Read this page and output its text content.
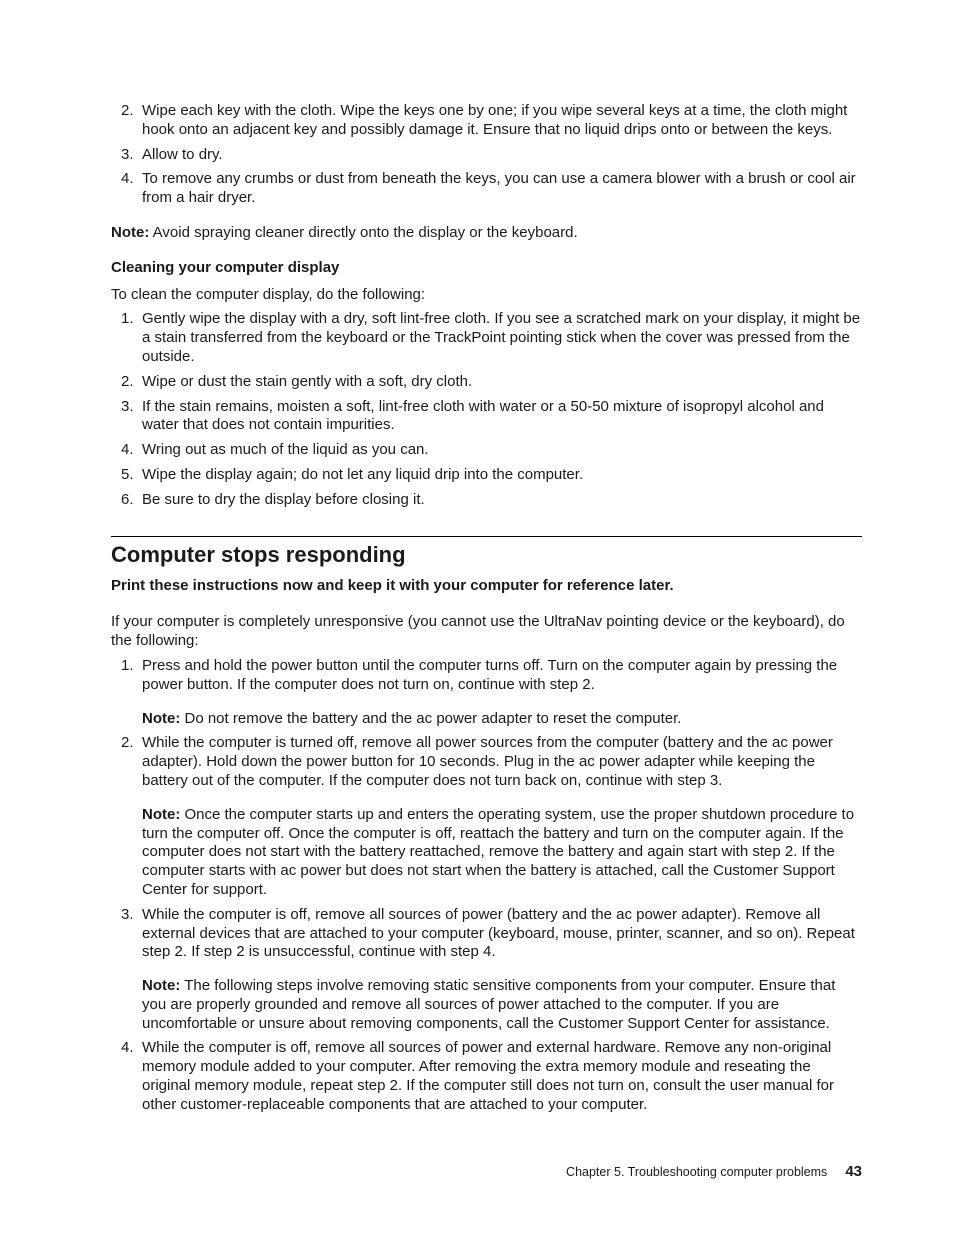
2. Wipe each key with the cloth. Wipe the keys one by one; if you wipe several keys at a time, the cloth might hook onto an adjacent key and possibly damage it. Ensure that no liquid drips onto or between the keys.
3. Allow to dry.
4. To remove any crumbs or dust from beneath the keys, you can use a camera blower with a brush or cool air from a hair dryer.

Note: Avoid spraying cleaner directly onto the display or the keyboard.

Cleaning your computer display

To clean the computer display, do the following:

1. Gently wipe the display with a dry, soft lint-free cloth. If you see a scratched mark on your display, it might be a stain transferred from the keyboard or the TrackPoint pointing stick when the cover was pressed from the outside.
2. Wipe or dust the stain gently with a soft, dry cloth.
3. If the stain remains, moisten a soft, lint-free cloth with water or a 50-50 mixture of isopropyl alcohol and water that does not contain impurities.
4. Wring out as much of the liquid as you can.
5. Wipe the display again; do not let any liquid drip into the computer.
6. Be sure to dry the display before closing it.
Computer stops responding

Print these instructions now and keep it with your computer for reference later.

If your computer is completely unresponsive (you cannot use the UltraNav pointing device or the keyboard), do the following:

1. Press and hold the power button until the computer turns off. Turn on the computer again by pressing the power button. If the computer does not turn on, continue with step 2.

Note: Do not remove the battery and the ac power adapter to reset the computer.

2. While the computer is turned off, remove all power sources from the computer (battery and the ac power adapter). Hold down the power button for 10 seconds. Plug in the ac power adapter while keeping the battery out of the computer. If the computer does not turn back on, continue with step 3.

Note: Once the computer starts up and enters the operating system, use the proper shutdown procedure to turn the computer off. Once the computer is off, reattach the battery and turn on the computer again. If the computer does not start with the battery reattached, remove the battery and again start with step 2. If the computer starts with ac power but does not start when the battery is attached, call the Customer Support Center for support.

3. While the computer is off, remove all sources of power (battery and the ac power adapter). Remove all external devices that are attached to your computer (keyboard, mouse, printer, scanner, and so on). Repeat step 2. If step 2 is unsuccessful, continue with step 4.

Note: The following steps involve removing static sensitive components from your computer. Ensure that you are properly grounded and remove all sources of power attached to the computer. If you are uncomfortable or unsure about removing components, call the Customer Support Center for assistance.

4. While the computer is off, remove all sources of power and external hardware. Remove any non-original memory module added to your computer. After removing the extra memory module and reseating the original memory module, repeat step 2. If the computer still does not turn on, consult the user manual for other customer-replaceable components that are attached to your computer.
Chapter 5. Troubleshooting computer problems 43
